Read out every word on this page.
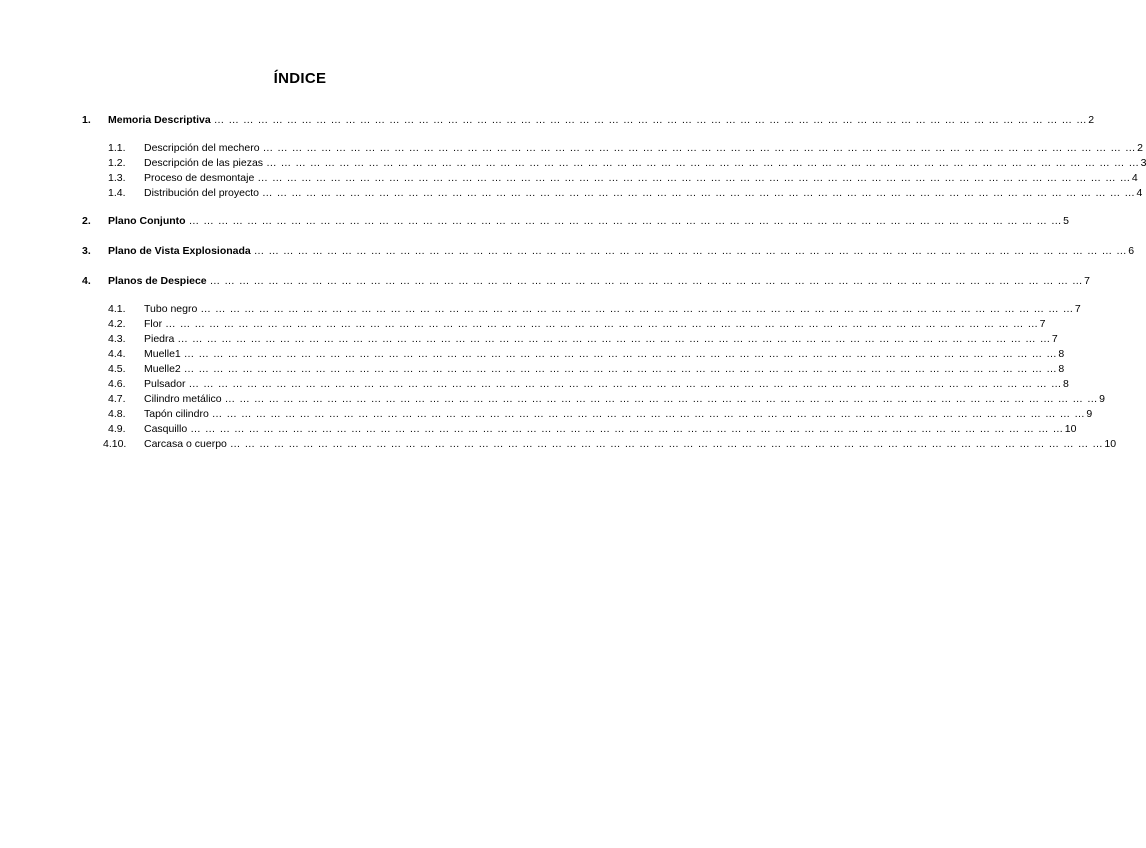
ÍNDICE
1. Memoria Descriptiva … … … … … … … … … … … … … … … … … … … … … … … … … … … … … … … … … … … … … … … … … … … … … … … … … … … … … … … … … … … … 2
1.1. Descripción del mechero … … … … … … … … … … … … … … … … … … … … … … … … … … … … … … … … … … … … … … … … … … … … … … … … … … … … … … … … … … … … 2
1.2. Descripción de las piezas … … … … … … … … … … … … … … … … … … … … … … … … … … … … … … … … … … … … … … … … … … … … … … … … … … … … … … … … … … … … 3
1.3. Proceso de desmontaje … … … … … … … … … … … … … … … … … … … … … … … … … … … … … … … … … … … … … … … … … … … … … … … … … … … … … … … … … … … … 4
1.4. Distribución del proyecto … … … … … … … … … … … … … … … … … … … … … … … … … … … … … … … … … … … … … … … … … … … … … … … … … … … … … … … … … … … … 4
2. Plano Conjunto … … … … … … … … … … … … … … … … … … … … … … … … … … … … … … … … … … … … … … … … … … … … … … … … … … … … … … … … … … … … 5
3. Plano de Vista Explosionada … … … … … … … … … … … … … … … … … … … … … … … … … … … … … … … … … … … … … … … … … … … … … … … … … … … … … … … … … … … … 6
4. Planos de Despiece … … … … … … … … … … … … … … … … … … … … … … … … … … … … … … … … … … … … … … … … … … … … … … … … … … … … … … … … … … … … 7
4.1. Tubo negro … … … … … … … … … … … … … … … … … … … … … … … … … … … … … … … … … … … … … … … … … … … … … … … … … … … … … … … … … … … … 7
4.2. Flor … … … … … … … … … … … … … … … … … … … … … … … … … … … … … … … … … … … … … … … … … … … … … … … … … … … … … … … … … … … … 7
4.3. Piedra … … … … … … … … … … … … … … … … … … … … … … … … … … … … … … … … … … … … … … … … … … … … … … … … … … … … … … … … … … … … 7
4.4. Muelle1 … … … … … … … … … … … … … … … … … … … … … … … … … … … … … … … … … … … … … … … … … … … … … … … … … … … … … … … … … … … … 8
4.5. Muelle2 … … … … … … … … … … … … … … … … … … … … … … … … … … … … … … … … … … … … … … … … … … … … … … … … … … … … … … … … … … … … 8
4.6. Pulsador … … … … … … … … … … … … … … … … … … … … … … … … … … … … … … … … … … … … … … … … … … … … … … … … … … … … … … … … … … … … 8
4.7. Cilindro metálico … … … … … … … … … … … … … … … … … … … … … … … … … … … … … … … … … … … … … … … … … … … … … … … … … … … … … … … … … … … … 9
4.8. Tapón cilindro … … … … … … … … … … … … … … … … … … … … … … … … … … … … … … … … … … … … … … … … … … … … … … … … … … … … … … … … … … … … 9
4.9. Casquillo … … … … … … … … … … … … … … … … … … … … … … … … … … … … … … … … … … … … … … … … … … … … … … … … … … … … … … … … … … … … 10
4.10. Carcasa o cuerpo … … … … … … … … … … … … … … … … … … … … … … … … … … … … … … … … … … … … … … … … … … … … … … … … … … … … … … … … … … … … 10
